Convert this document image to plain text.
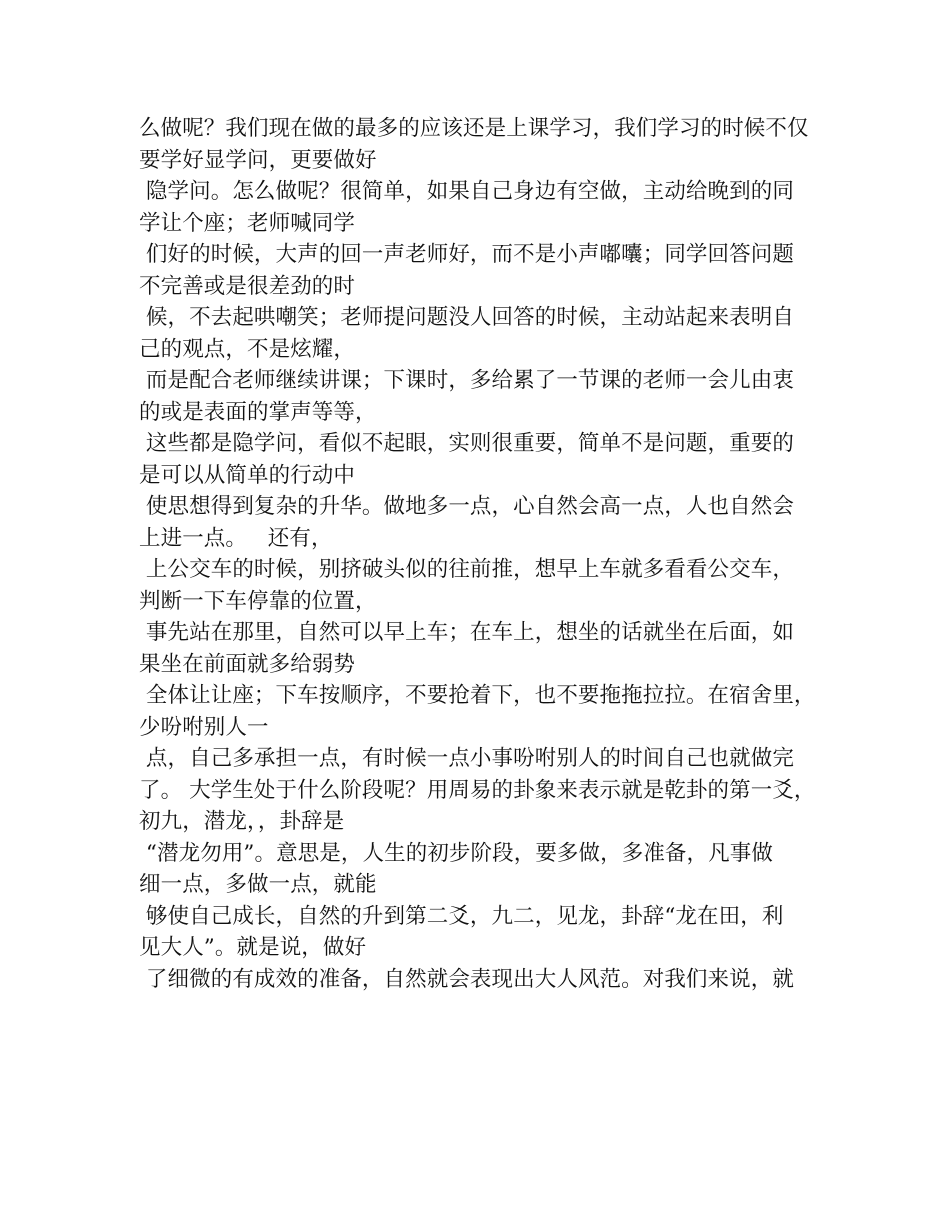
么做呢？我们现在做的最多的应该还是上课学习，我们学习的时候不仅
要学好显学问，更要做好
隐学问。怎么做呢？很简单，如果自己身边有空做，主动给晚到的同
学让个座；老师喊同学
们好的时候，大声的回一声老师好，而不是小声嘟囔；同学回答问题
不完善或是很差劲的时
候，不去起哄嘲笑；老师提问题没人回答的时候，主动站起来表明自
己的观点，不是炫耀，
而是配合老师继续讲课；下课时，多给累了一节课的老师一会儿由衷
的或是表面的掌声等等，
这些都是隐学问，看似不起眼，实则很重要，简单不是问题，重要的
是可以从简单的行动中
使思想得到复杂的升华。做地多一点，心自然会高一点，人也自然会
上进一点。   还有，
上公交车的时候，别挤破头似的往前推，想早上车就多看看公交车，
判断一下车停靠的位置，
事先站在那里，自然可以早上车；在车上，想坐的话就坐在后面，如
果坐在前面就多给弱势
全体让让座；下车按顺序，不要抢着下，也不要拖拖拉拉。在宿舍里，
少吩咐别人一
点，自己多承担一点，有时候一点小事吩咐别人的时间自己也就做完
了。 大学生处于什么阶段呢？用周易的卦象来表示就是乾卦的第一爻，
初九，潜龙，，卦辞是
“潜龙勿用”。意思是，人生的初步阶段，要多做，多准备，凡事做
细一点，多做一点，就能
够使自己成长，自然的升到第二爻，九二，见龙，卦辞“龙在田，利
见大人”。就是说，做好
了细微的有成效的准备，自然就会表现出大人风范。对我们来说，就
